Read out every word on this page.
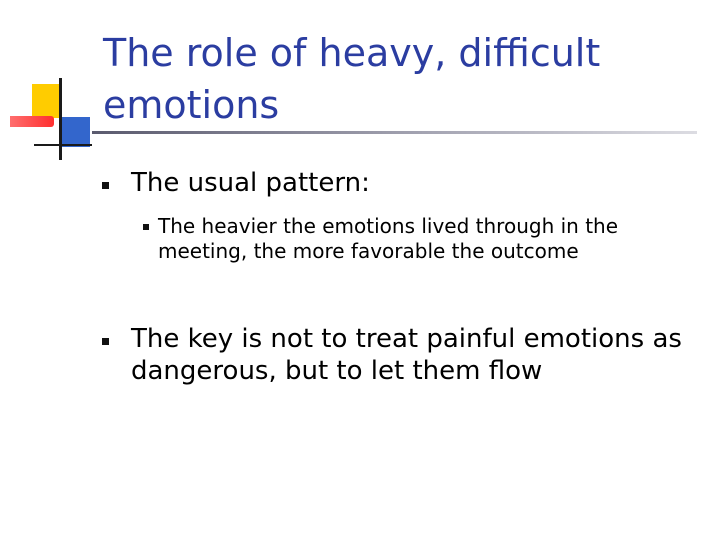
The role of heavy, difficult emotions
The usual pattern:
The heavier the emotions lived through in the meeting, the more favorable the outcome
The key is not to treat painful emotions as dangerous, but to let them flow
